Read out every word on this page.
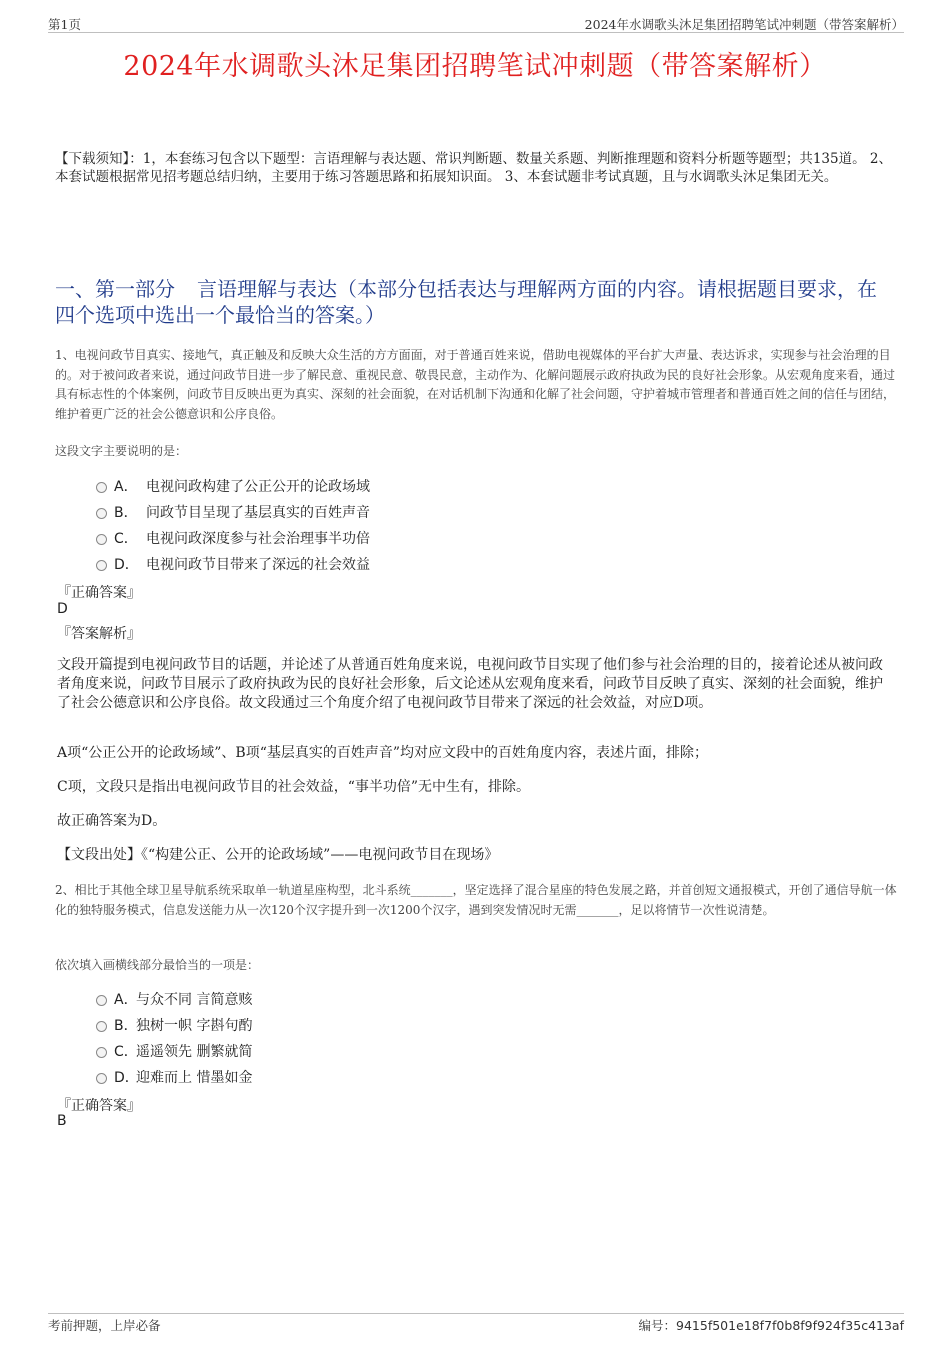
第1页	2024年水调歌头沐足集团招聘笔试冲刺题（带答案解析）
2024年水调歌头沐足集团招聘笔试冲刺题（带答案解析）
【下载须知】：1，本套练习包含以下题型：言语理解与表达题、常识判断题、数量关系题、判断推理题和资料分析题等题型；共135道。 2、本套试题根据常见招考题总结归纳，主要用于练习答题思路和拓展知识面。 3、本套试题非考试真题，且与水调歌头沐足集团无关。
一、第一部分 言语理解与表达（本部分包括表达与理解两方面的内容。请根据题目要求，在四个选项中选出一个最恰当的答案。）
1、电视问政节目真实、接地气，真正触及和反映大众生活的方方面面，对于普通百姓来说，借助电视媒体的平台扩大声量、表达诉求，实现参与社会治理的目的。对于被问政者来说，通过问政节目进一步了解民意、重视民意、敬畏民意，主动作为、化解问题展示政府执政为民的良好社会形象。从宏观角度来看，通过具有标志性的个体案例，问政节目反映出更为真实、深刻的社会面貌，在对话机制下沟通和化解了社会问题，守护着城市管理者和普通百姓之间的信任与团结，维护着更广泛的社会公德意识和公序良俗。
这段文字主要说明的是：
A． 电视问政构建了公正公开的论政场域
B． 问政节目呈现了基层真实的百姓声音
C． 电视问政深度参与社会治理事半功倍
D． 电视问政节目带来了深远的社会效益
『正确答案』
D
『答案解析』
文段开篇提到电视问政节目的话题，并论述了从普通百姓角度来说，电视问政节目实现了他们参与社会治理的目的，接着论述从被问政者角度来说，问政节目展示了政府执政为民的良好社会形象，后文论述从宏观角度来看，问政节目反映了真实、深刻的社会面貌，维护了社会公德意识和公序良俗。故文段通过三个角度介绍了电视问政节目带来了深远的社会效益，对应D项。
A项“公正公开的论政场域”、B项“基层真实的百姓声音”均对应文段中的百姓角度内容，表述片面，排除；
C项，文段只是指出电视问政节目的社会效益，“事半功倍”无中生有，排除。
故正确答案为D。
【文段出处】《“构建公正、公开的论政场域”——电视问政节目在现场》
2、相比于其他全球卫星导航系统采取单一轨道星座构型，北斗系统_______，坚定选择了混合星座的特色发展之路，并首创短文通报模式，开创了通信导航一体化的独特服务模式，信息发送能力从一次120个汉字提升到一次1200个汉字，遇到突发情况时无需_______，足以将情节一次性说清楚。
依次填入画横线部分最恰当的一项是：
A．
与众不同 言简意赅
B．
独树一帜 字斟句酌
C．
遥遥领先 删繁就简
D．
迎难而上 惜墨如金
『正确答案』
B
考前押题，上岸必备	编号：9415f501e18f7f0b8f9f924f35c413af
